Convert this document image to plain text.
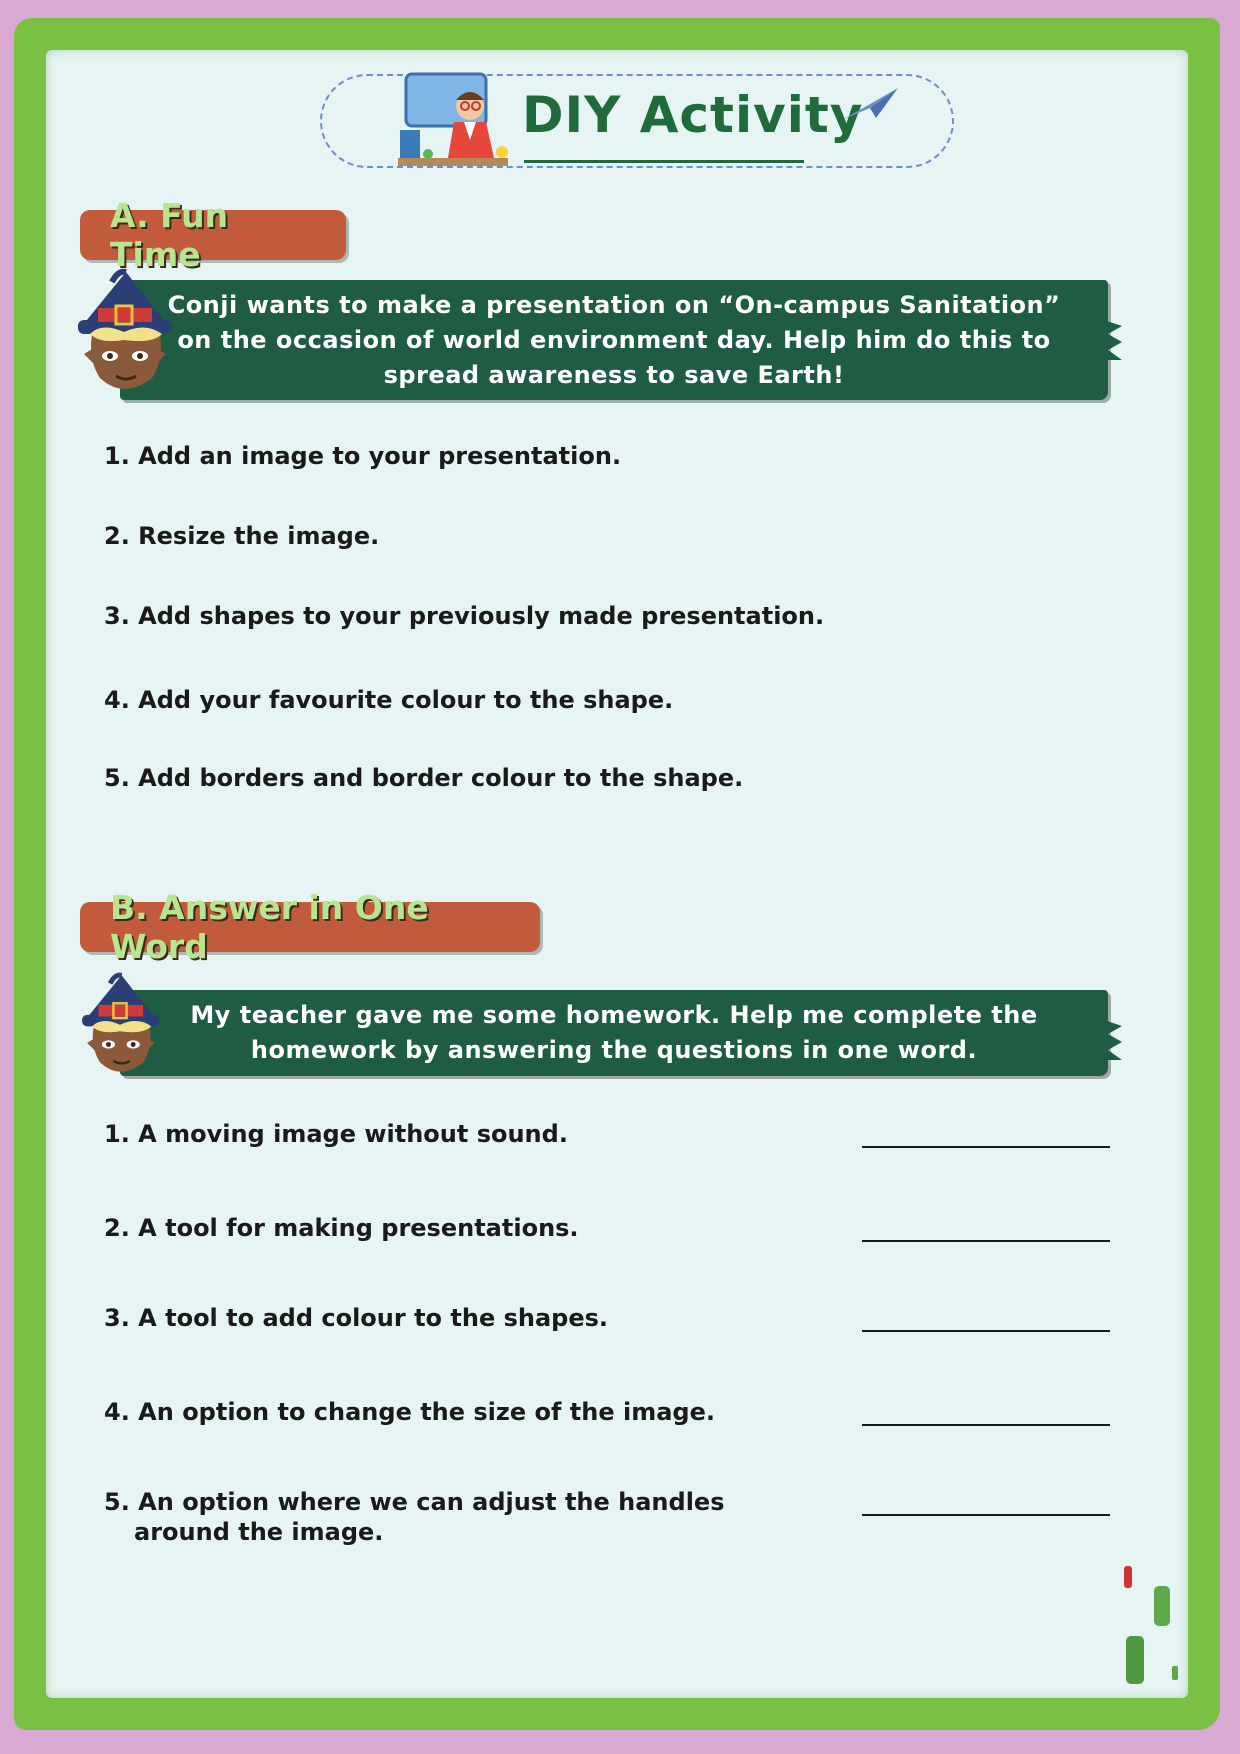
DIY Activity
A. Fun Time
Conji wants to make a presentation on “On-campus Sanitation”
on the occasion of world environment day. Help him do this to
spread awareness to save Earth!
1. Add an image to your presentation.
2. Resize the image.
3. Add shapes to your previously made presentation.
4. Add your favourite colour to the shape.
5. Add borders and border colour to the shape.
B. Answer in One Word
My teacher gave me some homework. Help me complete the
homework by answering the questions in one word.
1. A moving image without sound.
2. A tool for making presentations.
3. A tool to add colour to the shapes.
4. An option to change the size of the image.
5. An option where we can adjust the handles
around the image.
